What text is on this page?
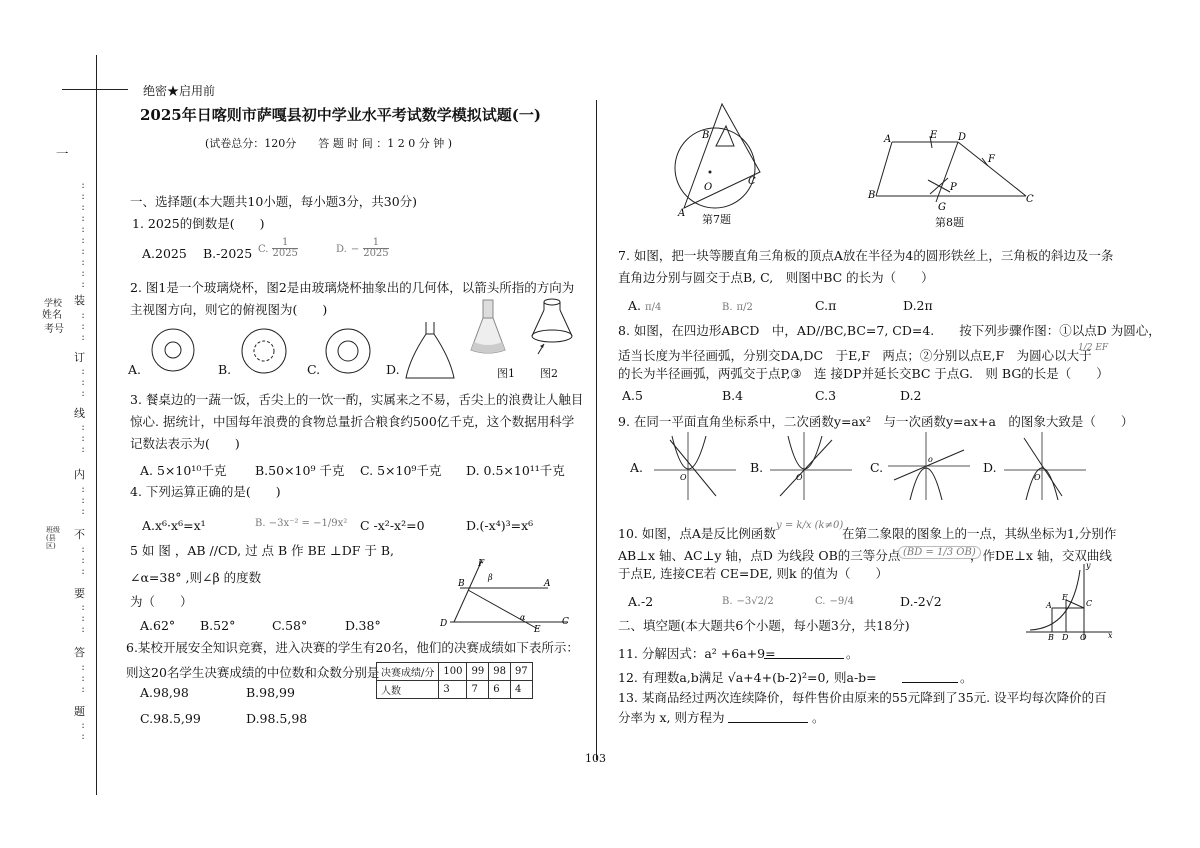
一
:
:
:
:
:
:
:
:
:
:
装
学校
姓名
考号
:
:
:
订
:
:
:
线
:
:
:
内
:
:
:
不
班级(县区)	:
:
:
要
:
:
:
答
:
:
:
题
:
:
绝密★启用前
2025年日喀则市萨嘎县初中学业水平考试数学模拟试题(一)
(试卷总分：120分　　答 题 时 间 ：1 2 0 分 钟 )
一、选择题(本大题共10小题，每小题3分，共30分)
1. 2025的倒数是(　　)
A.2025 B.-2025 C. $\frac{1}{2025}$	D. − $\frac{1}{2025}$
2. 图1是一个玻璃烧杯，图2是由玻璃烧杯抽象出的几何体，以箭头所指的方向为
主视图方向，则它的俯视图为(　　)
A.	B.	C.	D.	图1 图2
3. 餐桌边的一蔬一饭，舌尖上的一饮一酌，实属来之不易，舌尖上的浪费让人触目
惊心. 据统计，中国每年浪费的食物总量折合粮食约500亿千克，这个数据用科学
记数法表示为(　　)
A. 5×10¹⁰千克 B.50×10⁹ 千克 C. 5×10⁹千克 D. 0.5×10¹¹千克
4. 下列运算正确的是(　　)
A.x⁶·x⁶=x¹	B. −3x⁻² = −1/9x² C -x²-x²=0	D.(-x⁴)³=x⁶
5 如 图 ，AB //CD, 过 点 B 作 BE ⊥DF 于 B,
∠α=38° ,则∠β 的度数
为（　　）
F
β
B	A
D
α	C
E
A.62° B.52°	C.58°	D.38°
6.某校开展安全知识竞赛，进入决赛的学生有20名，他们的决赛成绩如下表所示：
则这20名学生决赛成绩的中位数和众数分别是 决赛成绩/分	100	99	98	97
人数	3	7	6	4
A.98,98	B.98,99
C.98.5,99	D.98.5,98
O
B
C
A 第7题
A	E D
F
B
P
G
C
第8题
7. 如图，把一块等腰直角三角板的顶点A放在半径为4的圆形铁丝上，三角板的斜边及一条
直角边分别与圆交于点B, C,　则图中BC 的长为（　　）
A. π/4	B. π/2	C.π	D.2π
8. 如图，在四边形ABCD　中，AD//BC,BC=7, CD=4.　　按下列步骤作图：①以点D 为圆心，
适当长度为半径画弧，分别交DA,DC　于E,F　两点；②分别以点E,F　为圆心以大于
1/2 EF
的长为半径画弧，两弧交于点P,③　连 接DP并延长交BC 于点G.　则 BG的长是（　　）
A.5	B.4	C.3	D.2
9. 在同一平面直角坐标系中，二次函数y=ax²　与一次函数y=ax+a　的图象大致是（　　）
A.
O
B.
O
C.
o
D.
O
10. 如图，点A是反比例函数
y = k/x (k≠0)
在第二象限的图象上的一点，其纵坐标为1,分别作
AB⊥x 轴、AC⊥y 轴，点D 为线段 OB的三等分点 (BD = 1/3 OB)
，作DE⊥x 轴，交双曲线
于点E, 连接CE若 CE=DE, 则k 的值为（　　）
A
E
C
B D O	x
y
A.-2	B. −3√2/2	C. −9/4	D.-2√2
二、填空题(本大题共6个小题，每小题3分，共18分)
11. 分解因式：a² +6a+9=	。
12. 有理数a,b满足 √a+4+(b-2)²=0, 则a-b=	。
13. 某商品经过两次连续降价，每件售价由原来的55元降到了35元. 设平均每次降价的百
分率为 x, 则方程为	。
103
